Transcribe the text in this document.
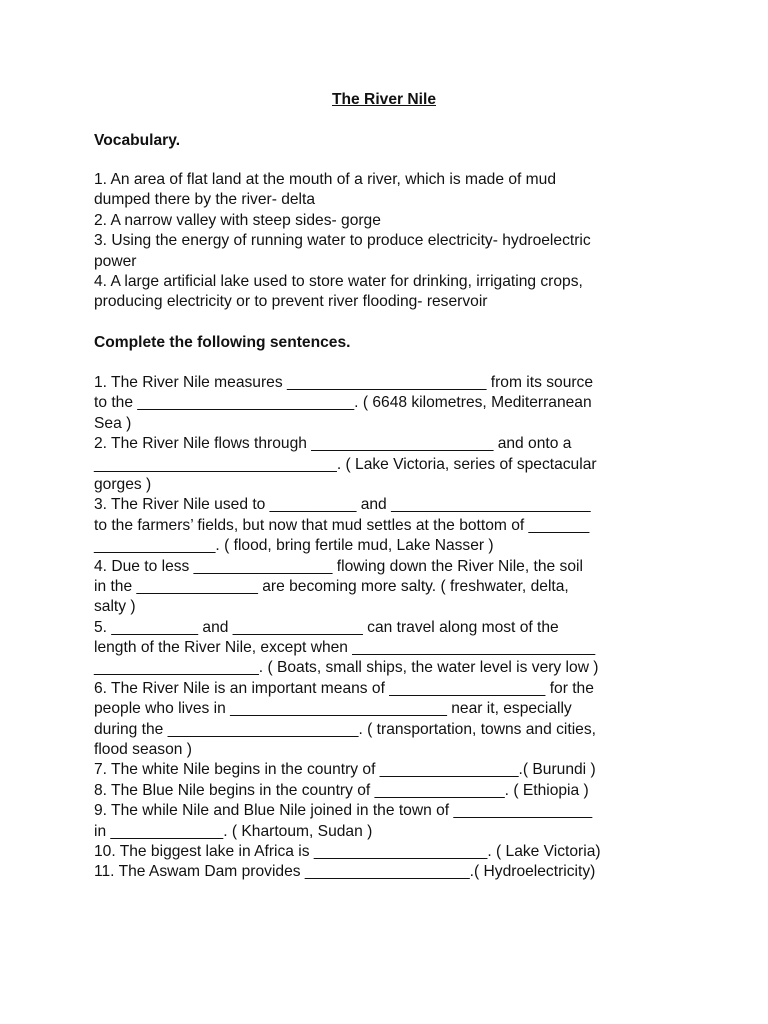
The River Nile
Vocabulary.
1. An area of flat land at the mouth of a river, which is made of mud
dumped there by the river- delta
2. A narrow valley with steep sides- gorge
3. Using the energy of running water to produce electricity- hydroelectric
power
4. A large artificial lake used to store water for drinking, irrigating crops,
producing electricity or to prevent river flooding- reservoir
Complete the following sentences.
1. The River Nile measures _______________________ from its source
to the _________________________. ( 6648 kilometres, Mediterranean
Sea )
2. The River Nile flows through _____________________ and onto a
____________________________. ( Lake Victoria, series of spectacular
gorges )
3. The River Nile used to __________ and _______________________
to the farmers’ fields, but now that mud settles at the bottom of _______
______________. ( flood, bring fertile mud, Lake Nasser )
4. Due to less ________________ flowing down the River Nile, the soil
in the ______________ are becoming more salty. ( freshwater, delta,
salty )
5. __________ and _______________ can travel along most of the
length of the River Nile, except when ____________________________
___________________. ( Boats, small ships, the water level is very low )
6. The River Nile is an important means of __________________ for the
people who lives in _________________________ near it, especially
during the ______________________. ( transportation, towns and cities,
flood season )
7. The white Nile begins in the country of ________________.( Burundi )
8. The Blue Nile begins in the country of _______________. ( Ethiopia )
9. The while Nile and Blue Nile joined in the town of ________________
in _____________. ( Khartoum, Sudan )
10. The biggest lake in Africa is ____________________. ( Lake Victoria)
11. The Aswam Dam provides ___________________.( Hydroelectricity)
